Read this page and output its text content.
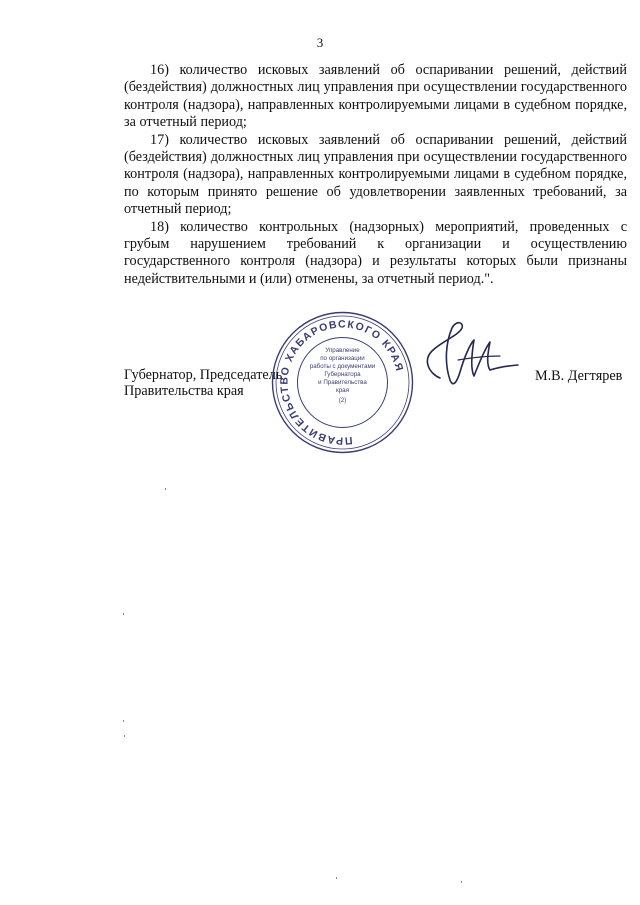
3

16) количество исковых заявлений об оспаривании решений, действий (бездействия) должностных лиц управления при осуществлении государственного контроля (надзора), направленных контролируемыми лицами в судебном порядке, за отчетный период;

17) количество исковых заявлений об оспаривании решений, действий (бездействия) должностных лиц управления при осуществлении государственного контроля (надзора), направленных контролируемыми лицами в судебном порядке, по которым принято решение об удовлетворении заявленных требований, за отчетный период;

18) количество контрольных (надзорных) мероприятий, проведенных с грубым нарушением требований к организации и осуществлению государственного контроля (надзора) и результаты которых были признаны недействительными и (или) отменены, за отчетный период.".

Губернатор, Председатель
Правительства края
М.В. Дегтярев
ПРАВИТЕЛЬСТВО ХАБАРОВСКОГО КРАЯ
Управление
по организации
работы с документами
Губернатора
и Правительства
края
(2)
